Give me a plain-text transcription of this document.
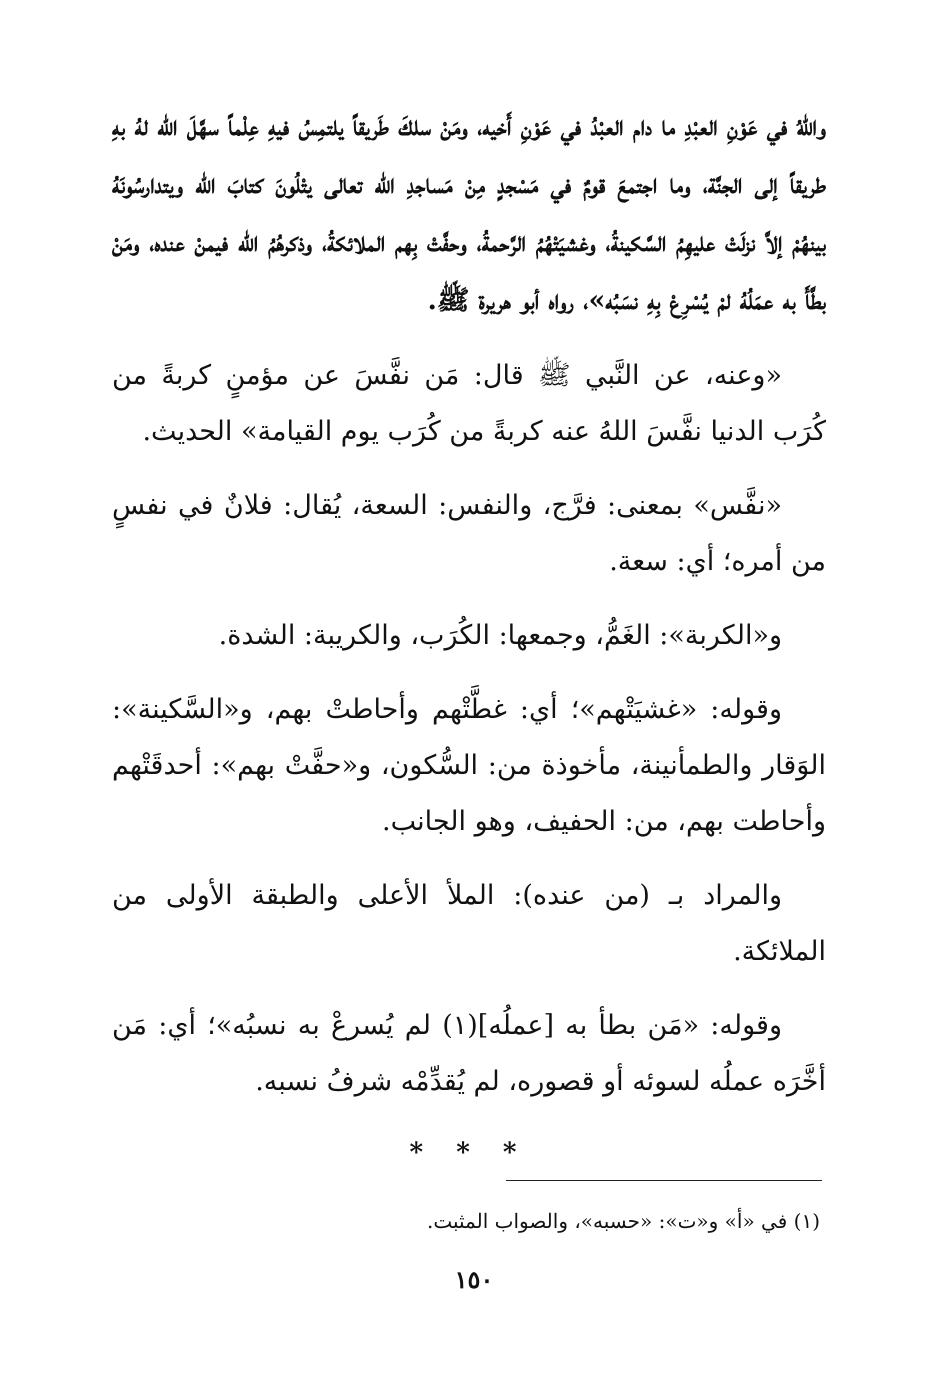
واللهُ في عَوْنِ العبْدِ ما دام العبْدُ في عَوْنِ أَخيه، ومَنْ سلكَ طَريقاً يلتمِسُ فيهِ عِلْماً سهَّلَ الله لهُ بهِ طريقاً إلى الجنَّة، وما اجتمعَ قومٌ في مَسْجدٍ مِنْ مَساجدِ الله تعالى يتْلُونَ كتابَ الله ويتدارسُونَهُ بينهُمْ إلاَّ نزلَتْ عليهِمُ السَّكينةُ، وغشيَتْهُمُ الرَّحمةُ، وحفَّتْ بِهم الملائكةُ، وذكرهُمُ الله فيمنْ عنده، ومَنْ بطَّأَ به عمَلُهُ لمْ يُسْرِعْ بِهِ نسَبُه»، رواه أبو هريرة ﷺ.

«وعنه، عن النَّبي ﷺ قال: مَن نفَّسَ عن مؤمنٍ كربةً من كُرَب الدنيا نفَّسَ اللهُ عنه كربةً من كُرَب يوم القيامة» الحديث.

«نفَّس» بمعنى: فرَّج، والنفس: السعة، يُقال: فلانٌ في نفسٍ من أمره؛ أي: سعة.

و«الكربة»: الغَمُّ، وجمعها: الكُرَب، والكريبة: الشدة.

وقوله: «غشيَتْهم»؛ أي: غطَّتْهم وأحاطتْ بهم، و«السَّكينة»: الوَقار والطمأنينة، مأخوذة من: السُّكون، و«حفَّتْ بهم»: أحدقَتْهم وأحاطت بهم، من: الحفيف، وهو الجانب.

والمراد بـ (من عنده): الملأ الأعلى والطبقة الأولى من الملائكة.

وقوله: «مَن بطأ به [عملُه](١) لم يُسرعْ به نسبُه»؛ أي: مَن أخَّرَه عملُه لسوئه أو قصوره، لم يُقدِّمْه شرفُ نسبه.

* * *
(١) في «أ» و«ت»: «حسبه»، والصواب المثبت.
١٥٠
